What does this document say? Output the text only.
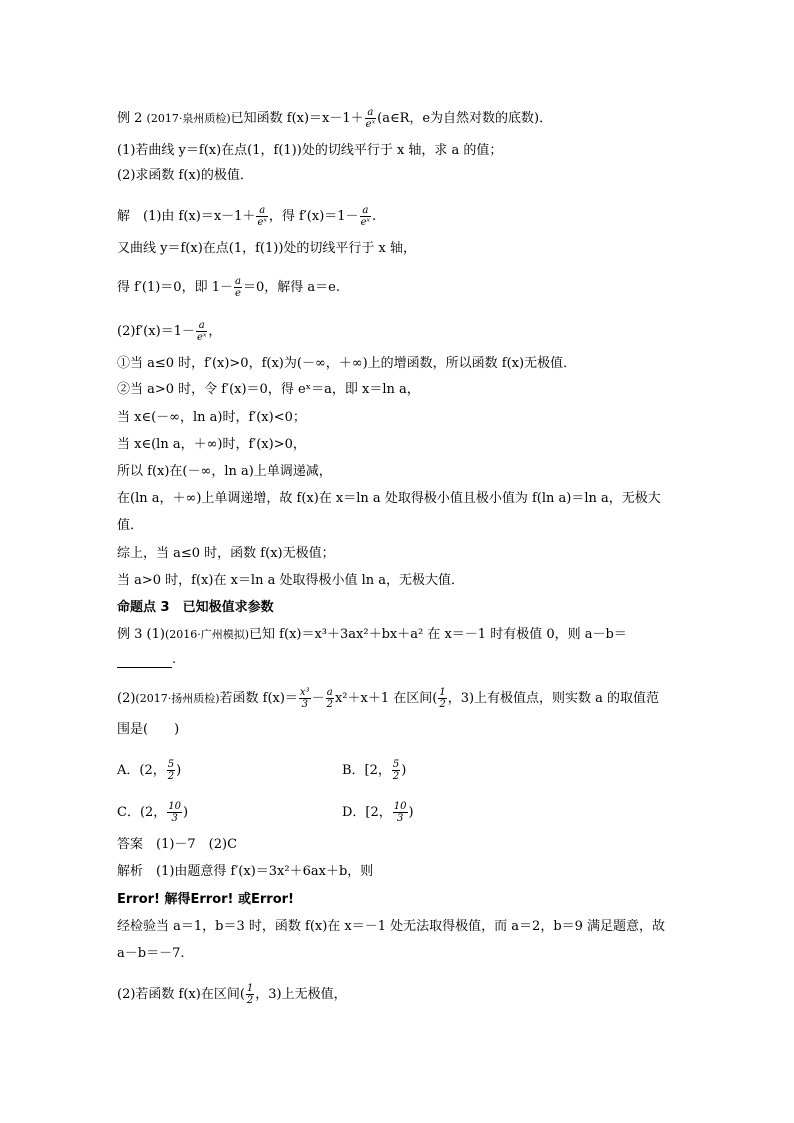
例 2 (2017·泉州质检)已知函数 $f(x)=x-1+ \frac{a}{\text{eˣ}}$ (a∈R，e为自然对数的底数)．
(1)若曲线 y＝f(x)在点(1，f(1))处的切线平行于 x 轴，求 a 的值；
(2)求函数 f(x)的极值．
解　(1)由 $f(x)=x-1+ \frac{a}{\text{eˣ}}$ ，得 $f'(x)=1- \frac{a}{\text{eˣ}}$ .
又曲线 y＝f(x)在点(1，f(1))处的切线平行于 x 轴，
得 f′(1)＝0，即 $1- \frac{a}{e} =0$，解得 a＝e.
$(2)f'(x)=1- \frac{a}{\text{eˣ}}$ ，
①当 a≤0 时，f′(x)>0，f(x)为(－∞，＋∞)上的增函数，所以函数 f(x)无极值．
②当 a>0 时，令 f′(x)＝0，得 eˣ＝a，即 x＝ln a，
当 x∈(－∞，ln a)时，f′(x)<0；
当 x∈(ln a，＋∞)时，f′(x)>0，
所以 f(x)在(－∞，ln a)上单调递减，
在(ln a，＋∞)上单调递增，故 f(x)在 x＝ln a 处取得极小值且极小值为 f(ln a)＝ln a，无极大
值．
综上，当 a≤0 时，函数 f(x)无极值；
当 a>0 时，f(x)在 x＝ln a 处取得极小值 ln a，无极大值．
命题点 3　已知极值求参数
例 3 (1)(2016·广州模拟)已知 f(x)＝x³＋3ax²＋bx＋a² 在 x＝－1 时有极值 0，则 a－b＝
.
(2)(2017·扬州质检)若函数 $f(x)= \frac{\text{x³}}{3} - \frac{a}{2} x^2+x+1$ 在区间( $\frac{1}{2}$ ，3)上有极值点，则实数 a 的取值范
围是(　　)
A．(2， $\frac{5}{2}$ )	B．[2， $\frac{5}{2}$ )
C．(2， $\frac{10}{3}$ )	D．[2， $\frac{10}{3}$ )
答案　(1)－7　(2)C
解析　(1)由题意得 f′(x)＝3x²＋6ax＋b，则
Error! 解得Error! 或Error!
经检验当 a＝1，b＝3 时，函数 f(x)在 x＝－1 处无法取得极值，而 a＝2，b＝9 满足题意，故
a－b＝－7.
(2)若函数 f(x)在区间( $\frac{1}{2}$ ，3)上无极值，
